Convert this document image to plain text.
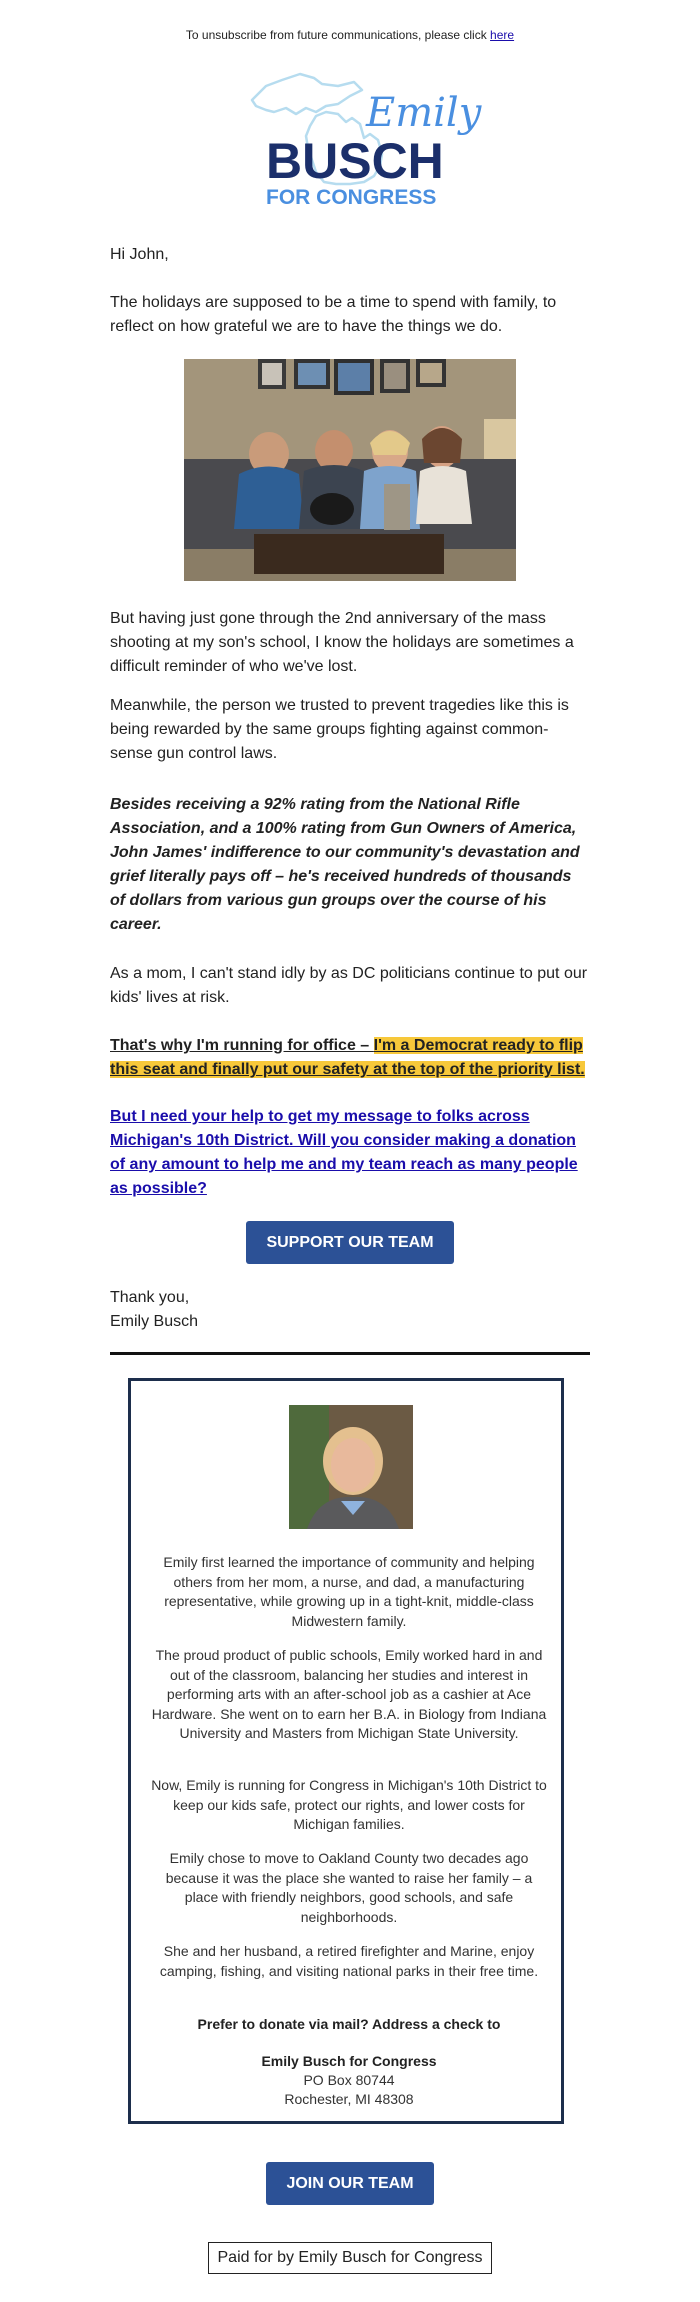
To unsubscribe from future communications, please click here
Emily
BUSCH
FOR CONGRESS

Hi John,

The holidays are supposed to be a time to spend with family, to reflect on how grateful we are to have the things we do.

But having just gone through the 2nd anniversary of the mass shooting at my son's school, I know the holidays are sometimes a difficult reminder of who we've lost.

Meanwhile, the person we trusted to prevent tragedies like this is being rewarded by the same groups fighting against common-sense gun control laws.

Besides receiving a 92% rating from the National Rifle Association, and a 100% rating from Gun Owners of America, John James' indifference to our community's devastation and grief literally pays off – he's received hundreds of thousands of dollars from various gun groups over the course of his career.

As a mom, I can't stand idly by as DC politicians continue to put our kids' lives at risk.

That's why I'm running for office – I'm a Democrat ready to flip this seat and finally put our safety at the top of the priority list.

But I need your help to get my message to folks across Michigan's 10th District. Will you consider making a donation of any amount to help me and my team reach as many people as possible?

SUPPORT OUR TEAM

Thank you,

Emily Busch

Emily first learned the importance of community and helping others from her mom, a nurse, and dad, a manufacturing representative, while growing up in a tight-knit, middle-class Midwestern family.

The proud product of public schools, Emily worked hard in and out of the classroom, balancing her studies and interest in performing arts with an after-school job as a cashier at Ace Hardware. She went on to earn her B.A. in Biology from Indiana University and Masters from Michigan State University.

Now, Emily is running for Congress in Michigan's 10th District to keep our kids safe, protect our rights, and lower costs for Michigan families.

Emily chose to move to Oakland County two decades ago because it was the place she wanted to raise her family – a place with friendly neighbors, good schools, and safe neighborhoods.

She and her husband, a retired firefighter and Marine, enjoy camping, fishing, and visiting national parks in their free time.

Prefer to donate via mail? Address a check to

Emily Busch for Congress

PO Box 80744

Rochester, MI 48308

JOIN OUR TEAM
Paid for by Emily Busch for Congress
